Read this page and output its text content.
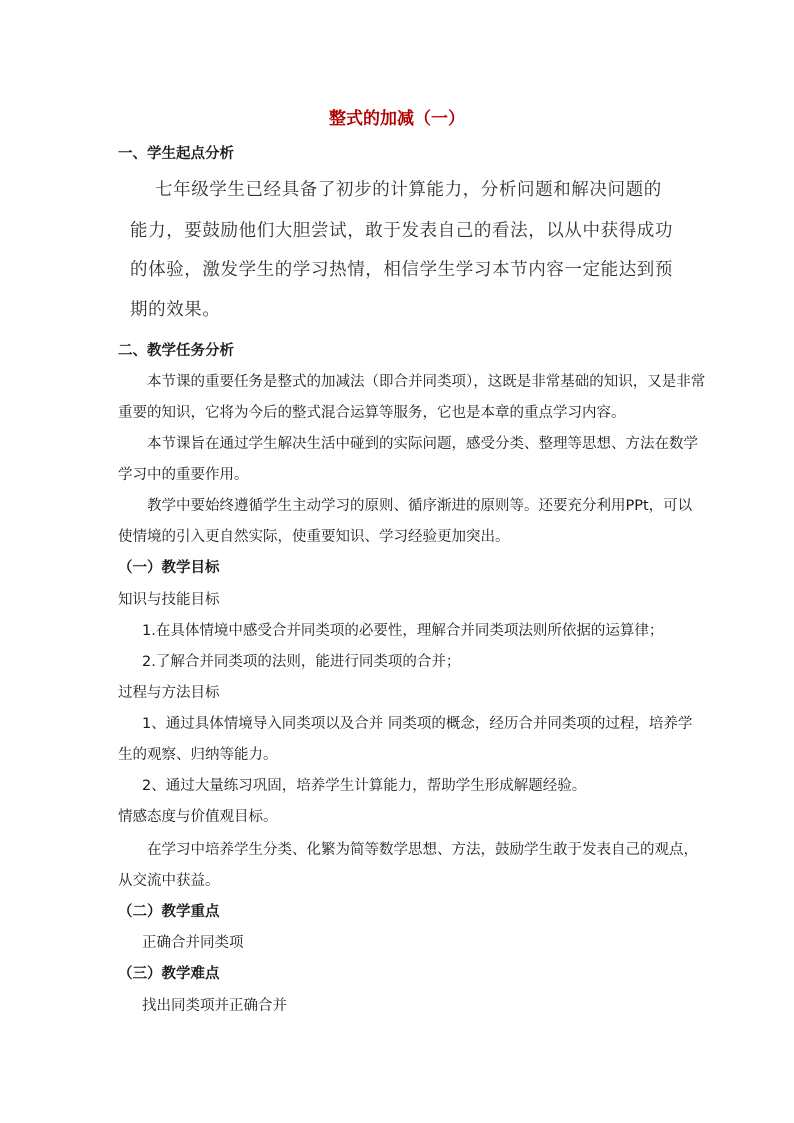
整式的加减（一）
一、学生起点分析
七年级学生已经具备了初步的计算能力，分析问题和解决问题的
能力，要鼓励他们大胆尝试，敢于发表自己的看法，以从中获得成功
的体验，激发学生的学习热情，相信学生学习本节内容一定能达到预
期的效果。
二、教学任务分析
本节课的重要任务是整式的加减法（即合并同类项），这既是非常基础的知识，又是非常
重要的知识，它将为今后的整式混合运算等服务，它也是本章的重点学习内容。
本节课旨在通过学生解决生活中碰到的实际问题，感受分类、整理等思想、方法在数学
学习中的重要作用。
教学中要始终遵循学生主动学习的原则、循序渐进的原则等。还要充分利用PPt，可以
使情境的引入更自然实际，使重要知识、学习经验更加突出。
（一）教学目标
知识与技能目标
1.在具体情境中感受合并同类项的必要性，理解合并同类项法则所依据的运算律；
2.了解合并同类项的法则，能进行同类项的合并；
过程与方法目标
1、通过具体情境导入同类项以及合并 同类项的概念，经历合并同类项的过程，培养学
生的观察、归纳等能力。
2、通过大量练习巩固，培养学生计算能力，帮助学生形成解题经验。
情感态度与价值观目标。
在学习中培养学生分类、化繁为简等数学思想、方法，鼓励学生敢于发表自己的观点，
从交流中获益。
（二）教学重点
正确合并同类项
（三）教学难点
找出同类项并正确合并
